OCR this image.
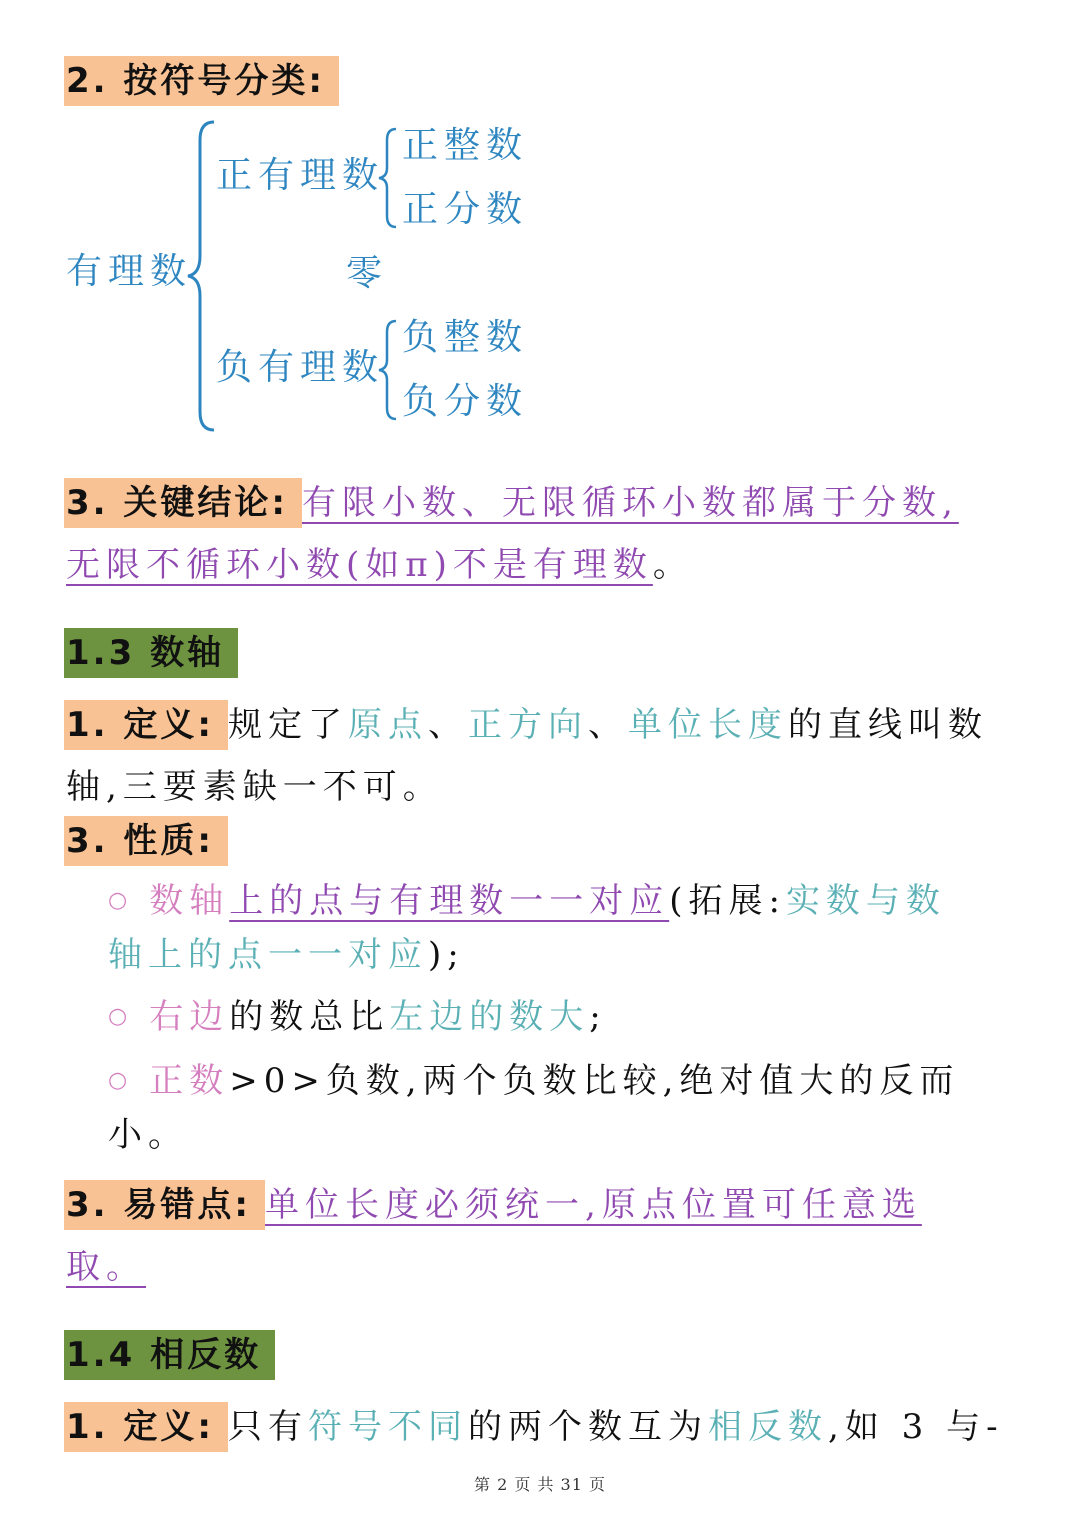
2. 按符号分类:
有理数
正有理数
正整数
正分数
零
负有理数
负整数
负分数
3. 关键结论: 有限小数、无限循环小数都属于分数,
无限不循环小数(如π)不是有理数。
1.3 数轴
1. 定义: 规定了原点、正方向、单位长度的直线叫数
轴,三要素缺一不可。
3. 性质:
○ 数轴上的点与有理数一一对应(拓展:实数与数
轴上的点一一对应);
○ 右边的数总比左边的数大;
○ 正数>0>负数,两个负数比较,绝对值大的反而
小。
3. 易错点: 单位长度必须统一,原点位置可任意选
取。
1.4 相反数
1. 定义: 只有符号不同的两个数互为相反数,如 3 与-
第 2 页 共 31 页
